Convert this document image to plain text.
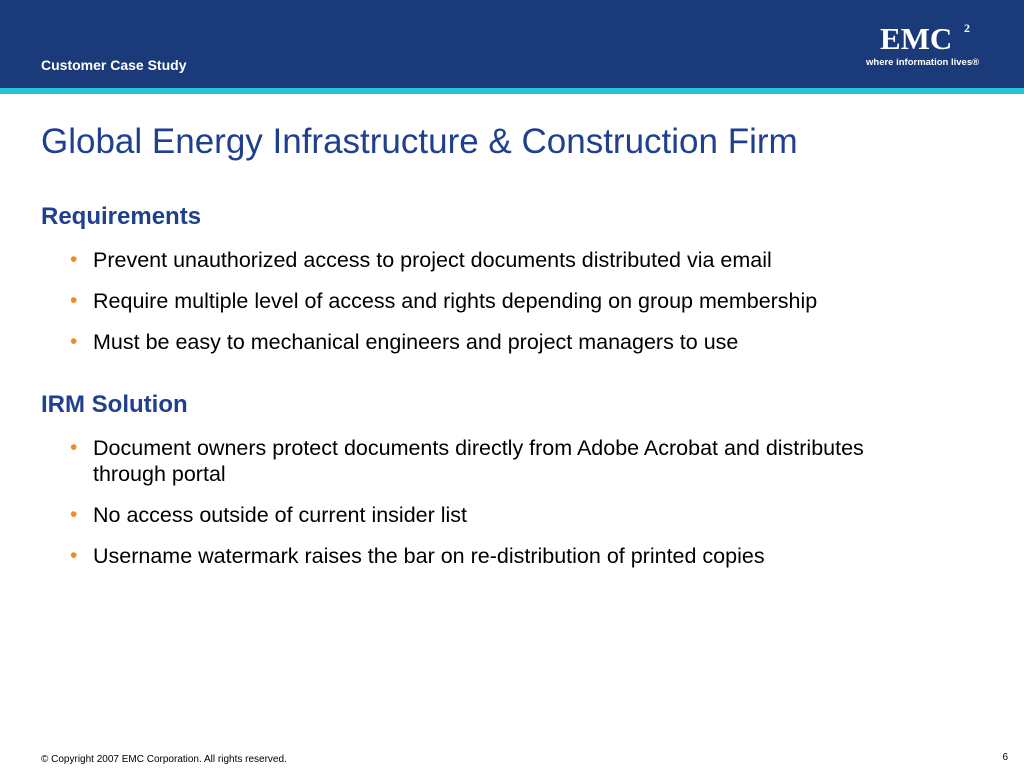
Customer Case Study
EMC 2
where information lives®
Global Energy Infrastructure & Construction Firm
Requirements
• Prevent unauthorized access to project documents distributed via email
• Require multiple level of access and rights depending on group membership
• Must be easy to mechanical engineers and project managers to use
IRM Solution
• Document owners protect documents directly from Adobe Acrobat and distributes through portal
• No access outside of current insider list
• Username watermark raises the bar on re-distribution of printed copies
© Copyright 2007 EMC Corporation. All rights reserved.	6
